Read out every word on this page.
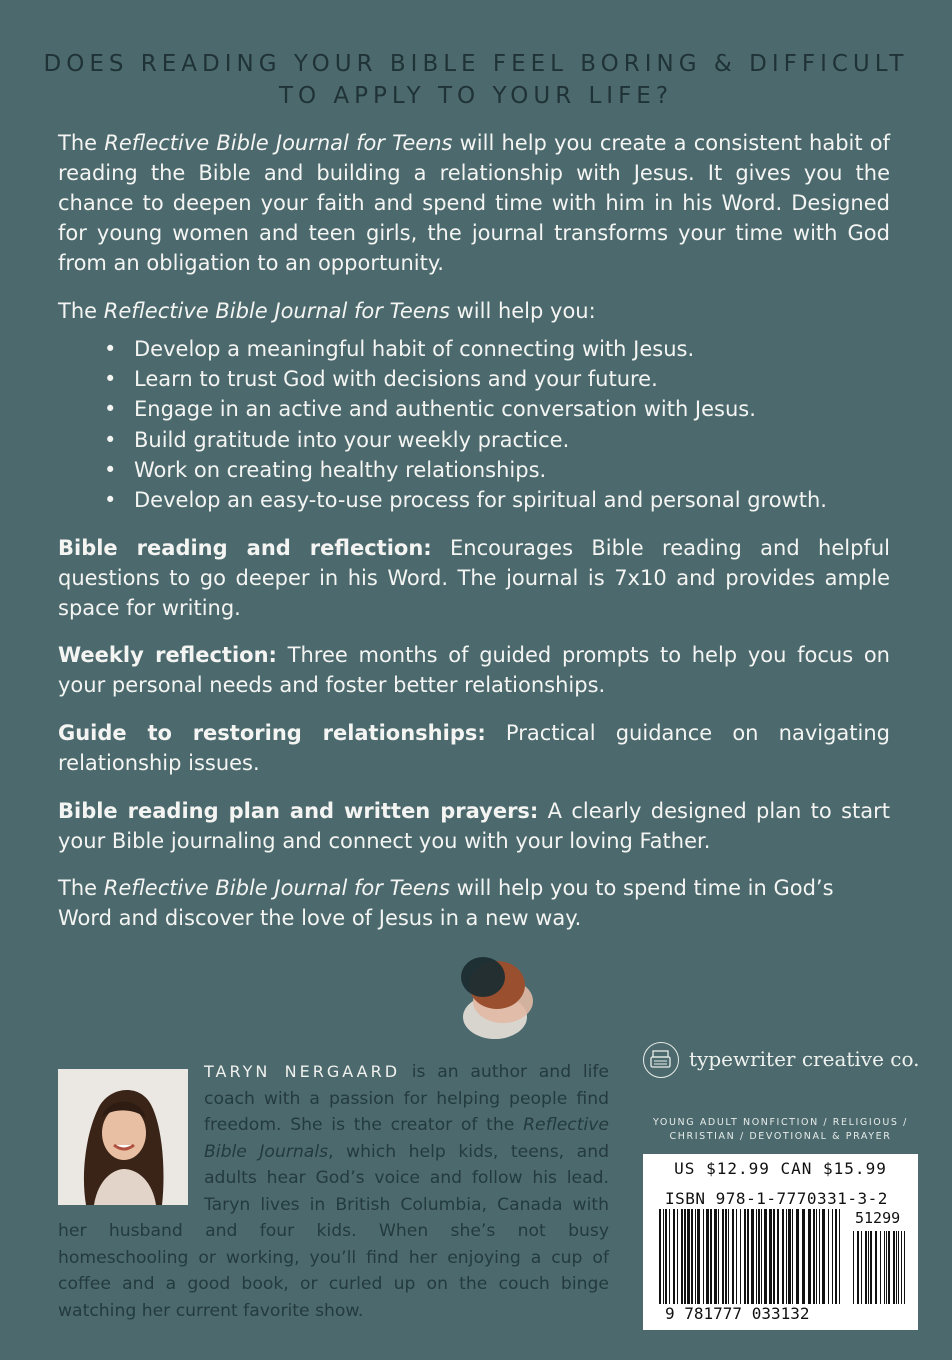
DOES READING YOUR BIBLE FEEL BORING & DIFFICULT
TO APPLY TO YOUR LIFE?

The Reflective Bible Journal for Teens will help you create a consistent habit of reading the Bible and building a relationship with Jesus. It gives you the chance to deepen your faith and spend time with him in his Word. Designed for young women and teen girls, the journal transforms your time with God from an obligation to an opportunity.

The Reflective Bible Journal for Teens will help you:

• Develop a meaningful habit of connecting with Jesus.
• Learn to trust God with decisions and your future.
• Engage in an active and authentic conversation with Jesus.
• Build gratitude into your weekly practice.
• Work on creating healthy relationships.
• Develop an easy-to-use process for spiritual and personal growth.

Bible reading and reflection: Encourages Bible reading and helpful questions to go deeper in his Word. The journal is 7x10 and provides ample space for writing.

Weekly reflection: Three months of guided prompts to help you focus on your personal needs and foster better relationships.

Guide to restoring relationships: Practical guidance on navigating relationship issues.

Bible reading plan and written prayers: A clearly designed plan to start your Bible journaling and connect you with your loving Father.

The Reflective Bible Journal for Teens will help you to spend time in God’s Word and discover the love of Jesus in a new way.

TARYN NERGAARD is an author and life coach with a passion for helping people find freedom. She is the creator of the Reflective Bible Journals, which help kids, teens, and adults hear God’s voice and follow his lead. Taryn lives in British Columbia, Canada with her husband and four kids. When she’s not busy homeschooling or working, you’ll find her enjoying a cup of coffee and a good book, or curled up on the couch binge watching her current favorite show.
typewriter creative co.
YOUNG ADULT NONFICTION / RELIGIOUS /
CHRISTIAN / DEVOTIONAL & PRAYER
US $12.99 CAN $15.99
ISBN 978-1-7770331-3-2
51299
9 781777 033132
